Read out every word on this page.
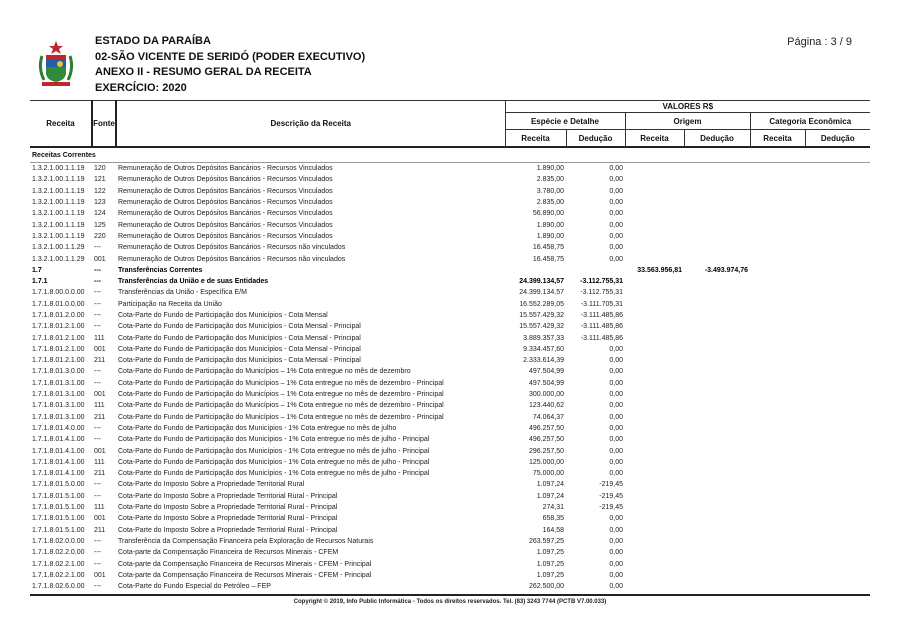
ESTADO DA PARAÍBA
02-SÃO VICENTE DE SERIDÓ (PODER EXECUTIVO)
ANEXO II - RESUMO GERAL DA RECEITA
EXERCÍCIO: 2020
Página : 3 / 9
Receita	Fonte	Descrição da Receita	VALORES R$					
			Espécie e Detalhe		Origem		Categoria Econômica	
			Receita	Dedução	Receita	Dedução	Receita	Dedução
Receitas Correntes								
1.3.2.1.00.1.1.19	120	Remuneração de Outros Depósitos Bancários - Recursos Vinculados	1.890,00	0,00				
1.3.2.1.00.1.1.19	121	Remuneração de Outros Depósitos Bancários - Recursos Vinculados	2.835,00	0,00				
1.3.2.1.00.1.1.19	122	Remuneração de Outros Depósitos Bancários - Recursos Vinculados	3.780,00	0,00				
1.3.2.1.00.1.1.19	123	Remuneração de Outros Depósitos Bancários - Recursos Vinculados	2.835,00	0,00				
1.3.2.1.00.1.1.19	124	Remuneração de Outros Depósitos Bancários - Recursos Vinculados	56.890,00	0,00				
1.3.2.1.00.1.1.19	125	Remuneração de Outros Depósitos Bancários - Recursos Vinculados	1.890,00	0,00				
1.3.2.1.00.1.1.19	220	Remuneração de Outros Depósitos Bancários - Recursos Vinculados	1.890,00	0,00				
1.3.2.1.00.1.1.29	---	Remuneração de Outros Depósitos Bancários - Recursos não vinculados	16.458,75	0,00				
1.3.2.1.00.1.1.29	001	Remuneração de Outros Depósitos Bancários - Recursos não vinculados	16.458,75	0,00				
1.7	---	Transferências Correntes			33.563.956,81	-3.493.974,76		
1.7.1	---	Transferências da União e de suas Entidades	24.399.134,57	-3.112.755,31				
1.7.1.8.00.0.0.00	---	Transferências da União - Específica E/M	24.399.134,57	-3.112.755,31				
1.7.1.8.01.0.0.00	---	Participação na Receita da União	16.552.289,05	-3.111.705,31				
1.7.1.8.01.2.0.00	---	Cota-Parte do Fundo de Participação dos Municípios - Cota Mensal	15.557.429,32	-3.111.485,86				
1.7.1.8.01.2.1.00	---	Cota-Parte do Fundo de Participação dos Municípios - Cota Mensal - Principal	15.557.429,32	-3.111.485,86				
1.7.1.8.01.2.1.00	111	Cota-Parte do Fundo de Participação dos Municípios - Cota Mensal - Principal	3.889.357,33	-3.111.485,86				
1.7.1.8.01.2.1.00	001	Cota-Parte do Fundo de Participação dos Municípios - Cota Mensal - Principal	9.334.457,60	0,00				
1.7.1.8.01.2.1.00	211	Cota-Parte do Fundo de Participação dos Municípios - Cota Mensal - Principal	2.333.614,39	0,00				
1.7.1.8.01.3.0.00	---	Cota-Parte do Fundo de Participação do Municípios – 1% Cota entregue no mês de dezembro	497.504,99	0,00				
1.7.1.8.01.3.1.00	---	Cota-Parte do Fundo de Participação do Municípios – 1% Cota entregue no mês de dezembro - Principal	497.504,99	0,00				
1.7.1.8.01.3.1.00	001	Cota-Parte do Fundo de Participação do Municípios – 1% Cota entregue no mês de dezembro - Principal	300.000,00	0,00				
1.7.1.8.01.3.1.00	111	Cota-Parte do Fundo de Participação do Municípios – 1% Cota entregue no mês de dezembro - Principal	123.440,62	0,00				
1.7.1.8.01.3.1.00	211	Cota-Parte do Fundo de Participação do Municípios – 1% Cota entregue no mês de dezembro - Principal	74.064,37	0,00				
1.7.1.8.01.4.0.00	---	Cota-Parte do Fundo de Participação dos Municípios - 1% Cota entregue no mês de julho	496.257,50	0,00				
1.7.1.8.01.4.1.00	---	Cota-Parte do Fundo de Participação dos Municípios - 1% Cota entregue no mês de julho - Principal	496.257,50	0,00				
1.7.1.8.01.4.1.00	001	Cota-Parte do Fundo de Participação dos Municípios - 1% Cota entregue no mês de julho - Principal	296.257,50	0,00				
1.7.1.8.01.4.1.00	111	Cota-Parte do Fundo de Participação dos Municípios - 1% Cota entregue no mês de julho - Principal	125.000,00	0,00				
1.7.1.8.01.4.1.00	211	Cota-Parte do Fundo de Participação dos Municípios - 1% Cota entregue no mês de julho - Principal	75.000,00	0,00				
1.7.1.8.01.5.0.00	---	Cota-Parte do Imposto Sobre a Propriedade Territorial Rural	1.097,24	-219,45				
1.7.1.8.01.5.1.00	---	Cota-Parte do Imposto Sobre a Propriedade Territorial Rural - Principal	1.097,24	-219,45				
1.7.1.8.01.5.1.00	111	Cota-Parte do Imposto Sobre a Propriedade Territorial Rural - Principal	274,31	-219,45				
1.7.1.8.01.5.1.00	001	Cota-Parte do Imposto Sobre a Propriedade Territorial Rural - Principal	658,35	0,00				
1.7.1.8.01.5.1.00	211	Cota-Parte do Imposto Sobre a Propriedade Territorial Rural - Principal	164,58	0,00				
1.7.1.8.02.0.0.00	---	Transferência da Compensação Financeira pela Exploração de Recursos Naturais	263.597,25	0,00				
1.7.1.8.02.2.0.00	---	Cota-parte da Compensação Financeira de Recursos Minerais - CFEM	1.097,25	0,00				
1.7.1.8.02.2.1.00	---	Cota-parte da Compensação Financeira de Recursos Minerais - CFEM - Principal	1.097,25	0,00				
1.7.1.8.02.2.1.00	001	Cota-parte da Compensação Financeira de Recursos Minerais - CFEM - Principal	1.097,25	0,00				
1.7.1.8.02.6.0.00	---	Cota-Parte do Fundo Especial do Petróleo – FEP	262.500,00	0,00				
Copyright © 2019, Info Public Informática - Todos os direitos reservados. Tel. (83) 3243 7744 (PCTB V7.00.033)
